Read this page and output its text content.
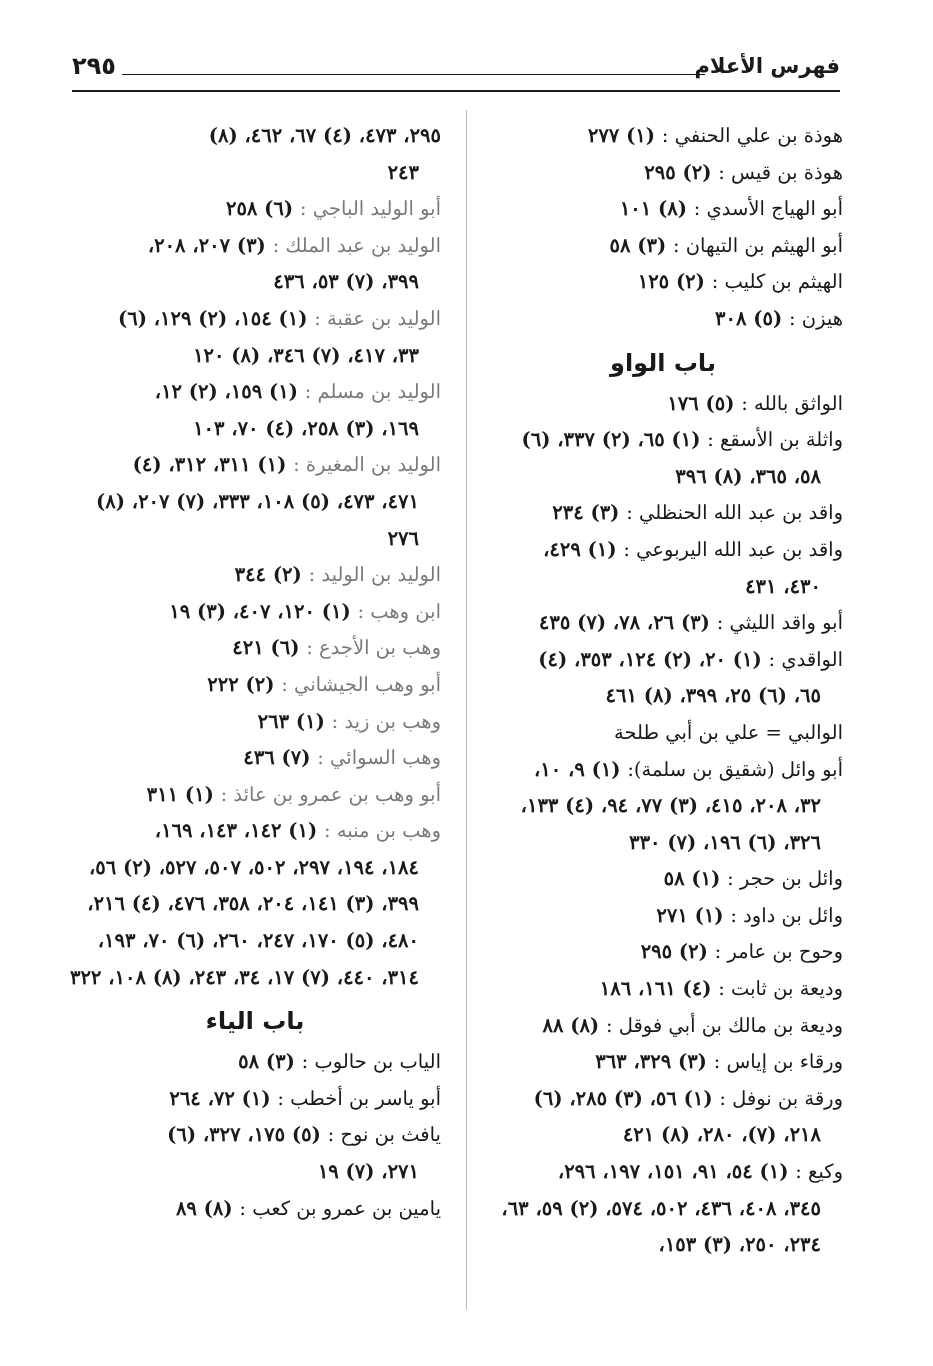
فهرس الأعلام
٢٩٥
هوذة بن علي الحنفي : (١) ٢٧٧
هوذة بن قيس : (٢) ٢٩٥
أبو الهياج الأسدي : (٨) ١٠١
أبو الهيثم بن التيهان : (٣) ٥٨
الهيثم بن كليب : (٢) ١٢٥
هيزن : (٥) ٣٠٨
باب الواو
الواثق بالله : (٥) ١٧٦
واثلة بن الأسقع : (١) ٦٥، (٢) ٣٣٧، (٦)
٥٨، ٣٦٥، (٨) ٣٩٦
واقد بن عبد الله الحنظلي : (٣) ٢٣٤
واقد بن عبد الله اليربوعي : (١) ٤٢٩،
٤٣٠، ٤٣١
أبو واقد الليثي : (٣) ٢٦، ٧٨، (٧) ٤٣٥
الواقدي : (١) ٢٠، (٢) ١٢٤، ٣٥٣، (٤)
٦٥، (٦) ٢٥، ٣٩٩، (٨) ٤٦١
الوالبي = علي بن أبي طلحة
أبو وائل (شقيق بن سلمة): (١) ٩، ١٠،
٣٢، ٢٠٨، ٤١٥، (٣) ٧٧، ٩٤، (٤) ١٣٣، ٣٢٦، (٦) ١٩٦، (٧) ٣٣٠
وائل بن حجر : (١) ٥٨
وائل بن داود : (١) ٢٧١
وحوح بن عامر : (٢) ٢٩٥
وديعة بن ثابت : (٤) ١٦١، ١٨٦
وديعة بن مالك بن أبي فوقل : (٨) ٨٨
ورقاء بن إياس : (٣) ٣٢٩، ٣٦٣
ورقة بن نوفل : (١) ٥٦، (٣) ٢٨٥، (٦)
٢١٨، (٧)، ٢٨٠، (٨) ٤٢١
وكيع : (١) ٥٤، ٩١، ١٥١، ١٩٧، ٢٩٦،
٣٤٥، ٤٠٨، ٤٣٦، ٥٠٢، ٥٧٤، (٢) ٥٩، ٦٣، ٢٣٤، ٢٥٠، (٣) ١٥٣،
٢٩٥، ٤٧٣، (٤) ٦٧، ٤٦٢، (٨)
٢٤٣
أبو الوليد الباجي : (٦) ٢٥٨
الوليد بن عبد الملك : (٣) ٢٠٧، ٢٠٨،
٣٩٩، (٧) ٥٣، ٤٣٦
الوليد بن عقبة : (١) ١٥٤، (٢) ١٢٩، (٦)
٣٣، ٤١٧، (٧) ٣٤٦، (٨) ١٢٠
الوليد بن مسلم : (١) ١٥٩، (٢) ١٢،
١٦٩، (٣) ٢٥٨، (٤) ٧٠، ١٠٣
الوليد بن المغيرة : (١) ٣١١، ٣١٢، (٤)
٤٧١، ٤٧٣، (٥) ١٠٨، ٣٣٣، (٧) ٢٠٧، (٨) ٢٧٦
الوليد بن الوليد : (٢) ٣٤٤
ابن وهب : (١) ١٢٠، ٤٠٧، (٣) ١٩
وهب بن الأجدع : (٦) ٤٢١
أبو وهب الجيشاني : (٢) ٢٢٢
وهب بن زيد : (١) ٢٦٣
وهب السوائي : (٧) ٤٣٦
أبو وهب بن عمرو بن عائذ : (١) ٣١١
وهب بن منبه : (١) ١٤٢، ١٤٣، ١٦٩،
١٨٤، ١٩٤، ٢٩٧، ٥٠٢، ٥٠٧، ٥٢٧، (٢) ٥٦، ٣٩٩، (٣) ١٤١، ٢٠٤، ٣٥٨، ٤٧٦، (٤) ٢١٦، ٤٨٠، (٥) ١٧٠، ٢٤٧، ٢٦٠، (٦) ٧٠، ١٩٣، ٣١٤، ٤٤٠، (٧) ١٧، ٣٤، ٢٤٣، (٨) ١٠٨، ٣٢٢
باب الياء
الياب بن حالوب : (٣) ٥٨
أبو ياسر بن أخطب : (١) ٧٢، ٢٦٤
يافث بن نوح : (٥) ١٧٥، ٣٢٧، (٦)
٢٧١، (٧) ١٩
يامين بن عمرو بن كعب : (٨) ٨٩
